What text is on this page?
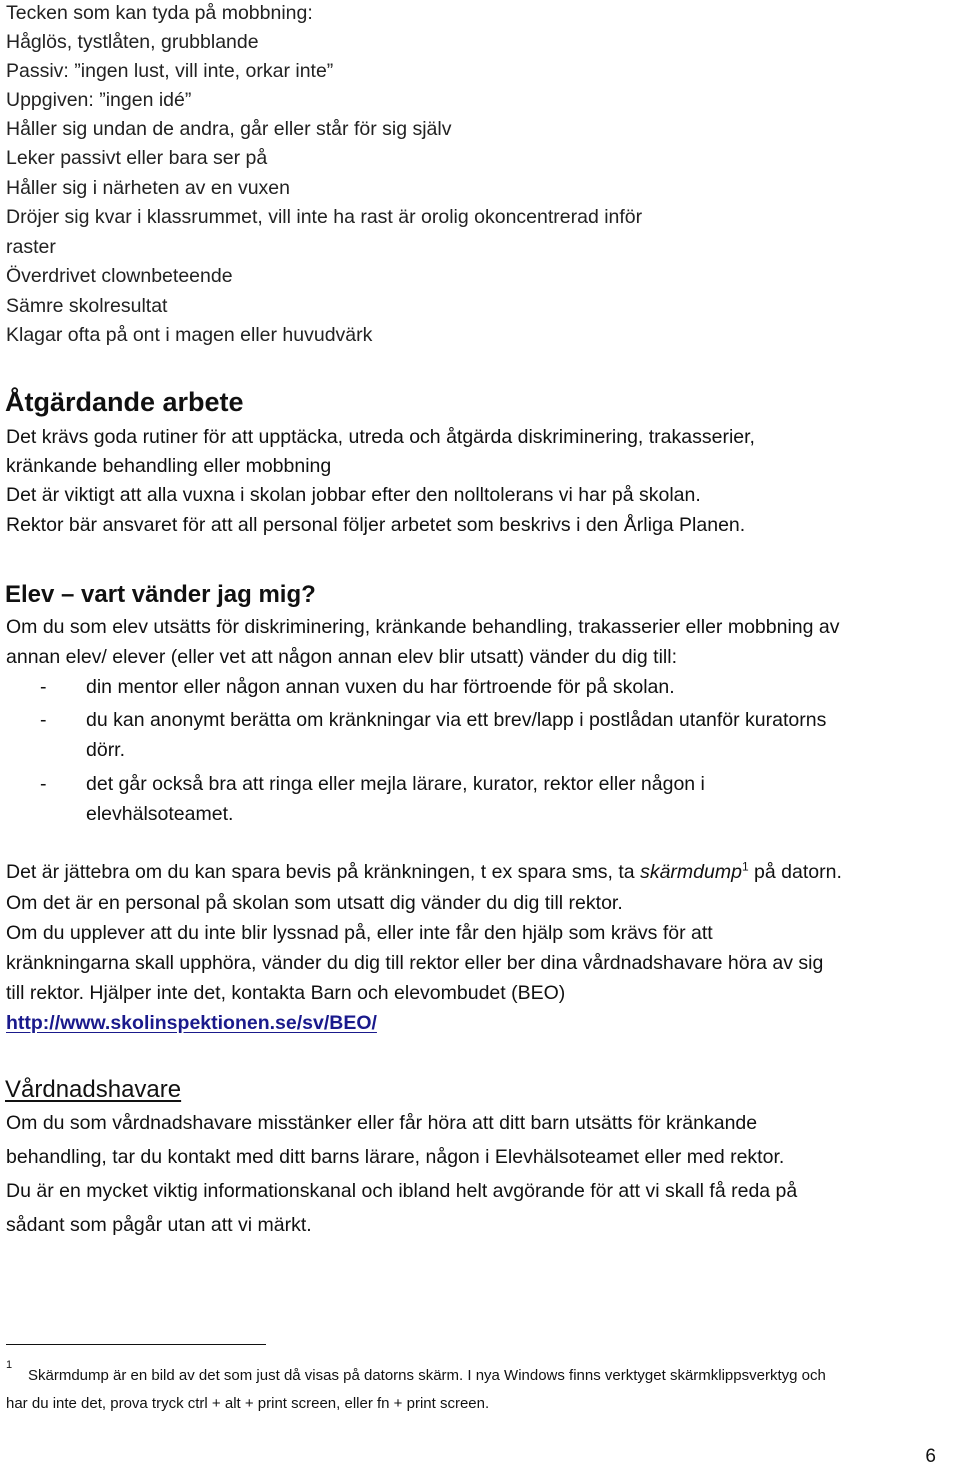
Tecken som kan tyda på mobbning:
Håglös, tystlåten, grubblande
Passiv: ”ingen lust, vill inte, orkar inte”
Uppgiven: ”ingen idé”
Håller sig undan de andra, går eller står för sig själv
Leker passivt eller bara ser på
Håller sig i närheten av en vuxen
Dröjer sig kvar i klassrummet, vill inte ha rast är orolig okoncentrerad inför
raster
Överdrivet clownbeteende
Sämre skolresultat
Klagar ofta på ont i magen eller huvudvärk
Åtgärdande arbete
Det krävs goda rutiner för att upptäcka, utreda och åtgärda diskriminering, trakasserier,
kränkande behandling eller mobbning
Det är viktigt att alla vuxna i skolan jobbar efter den nolltolerans vi har på skolan.
Rektor bär ansvaret för att all personal följer arbetet som beskrivs i den Årliga Planen.
Elev – vart vänder jag mig?
Om du som elev utsätts för diskriminering, kränkande behandling, trakasserier eller mobbning av
annan elev/ elever (eller vet att någon annan elev blir utsatt) vänder du dig till:
- din mentor eller någon annan vuxen du har förtroende för på skolan.
- du kan anonymt berätta om kränkningar via ett brev/lapp i postlådan utanför kuratorns
dörr.
- det går också bra att ringa eller mejla lärare, kurator, rektor eller någon i
elevhälsoteamet.
Det är jättebra om du kan spara bevis på kränkningen, t ex spara sms, ta skärmdump$^1$ på datorn.
Om det är en personal på skolan som utsatt dig vänder du dig till rektor.
Om du upplever att du inte blir lyssnad på, eller inte får den hjälp som krävs för att
kränkningarna skall upphöra, vänder du dig till rektor eller ber dina vårdnadshavare höra av sig
till rektor. Hjälper inte det, kontakta Barn och elevombudet (BEO)
http://www.skolinspektionen.se/sv/BEO/
Vårdnadshavare
Om du som vårdnadshavare misstänker eller får höra att ditt barn utsätts för kränkande
behandling, tar du kontakt med ditt barns lärare, någon i Elevhälsoteamet eller med rektor.
Du är en mycket viktig informationskanal och ibland helt avgörande för att vi skall få reda på
sådant som pågår utan att vi märkt.
1
Skärmdump är en bild av det som just då visas på datorns skärm. I nya Windows finns verktyget skärmklippsverktyg och
har du inte det, prova tryck ctrl + alt + print screen, eller fn + print screen.
6
